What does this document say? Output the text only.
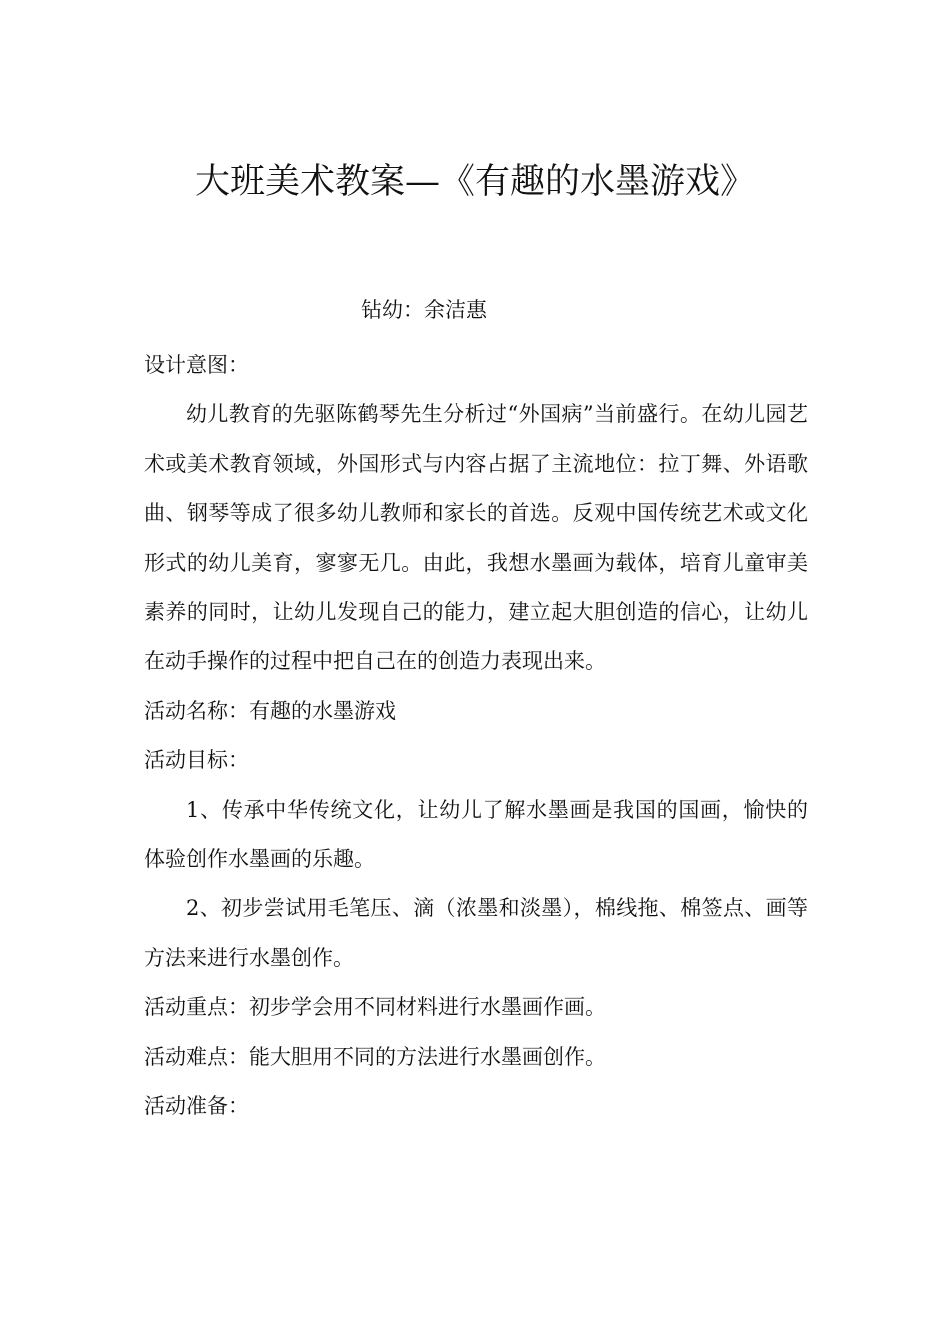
大班美术教案—《有趣的水墨游戏》
钻幼：余洁惠
设计意图：
幼儿教育的先驱陈鹤琴先生分析过“外国病”当前盛行。在幼儿园艺术或美术教育领域，外国形式与内容占据了主流地位：拉丁舞、外语歌曲、钢琴等成了很多幼儿教师和家长的首选。反观中国传统艺术或文化形式的幼儿美育，寥寥无几。由此，我想水墨画为载体，培育儿童审美素养的同时，让幼儿发现自己的能力，建立起大胆创造的信心，让幼儿在动手操作的过程中把自己在的创造力表现出来。
活动名称：有趣的水墨游戏
活动目标：
1、传承中华传统文化，让幼儿了解水墨画是我国的国画，愉快的体验创作水墨画的乐趣。
2、初步尝试用毛笔压、滴（浓墨和淡墨），棉线拖、棉签点、画等方法来进行水墨创作。
活动重点：初步学会用不同材料进行水墨画作画。
活动难点：能大胆用不同的方法进行水墨画创作。
活动准备：
